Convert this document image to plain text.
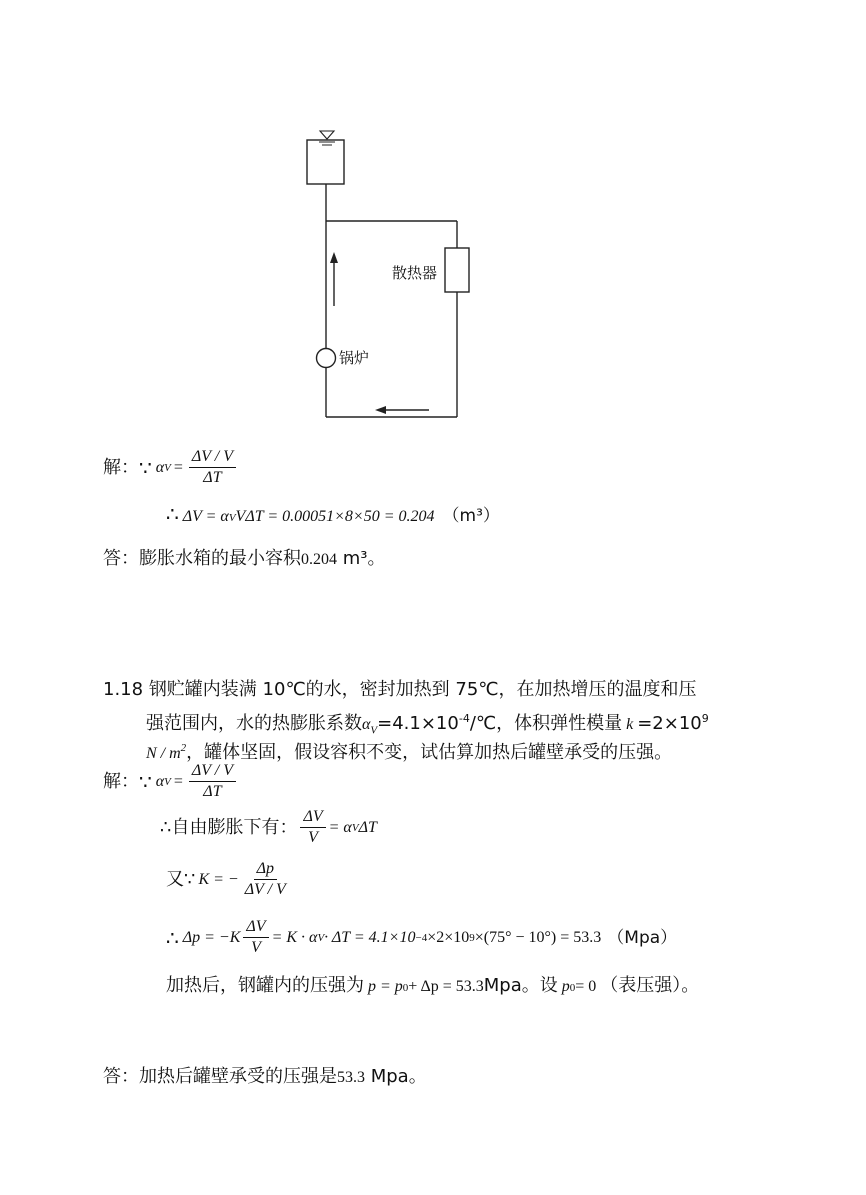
散热器
锅炉
解： ∵ α $V = \frac{\Delta V / V}{\Delta T}$
∴ ΔV = α V VΔT = 0.00051×8×50 = 0.204 （m³）
答：膨胀水箱的最小容积0.204 m³。
1.18 钢贮罐内装满 10℃的水，密封加热到 75℃，在加热增压的温度和压
强范围内，水的热膨胀系数$\alpha_V=4.1\times 10^{-4}/℃$，体积弹性模量 $k =2\times 10^9$
N / $m^2$，罐体坚固，假设容积不变，试估算加热后罐壁承受的压强。
解： ∵ α $V = \frac{\Delta V / V}{\Delta T}$
∴自由膨胀下有： $\frac{\Delta V}{V} = \alpha$ V ΔT
又∵ K = − $\frac{\Delta p}{\Delta V / V}$
∴ $\Delta p = -K \frac{\Delta V}{V} = K \cdot \alpha$ V · ΔT = 4.1×10 −4 ×2×10 9 ×(75° − 10°) = 53.3 （Mpa）
加热后，钢罐内的压强为 p = p 0 + Δp = 53.3 Mpa。设 p 0 = 0 （表压强）。
答：加热后罐壁承受的压强是53.3 Mpa。
